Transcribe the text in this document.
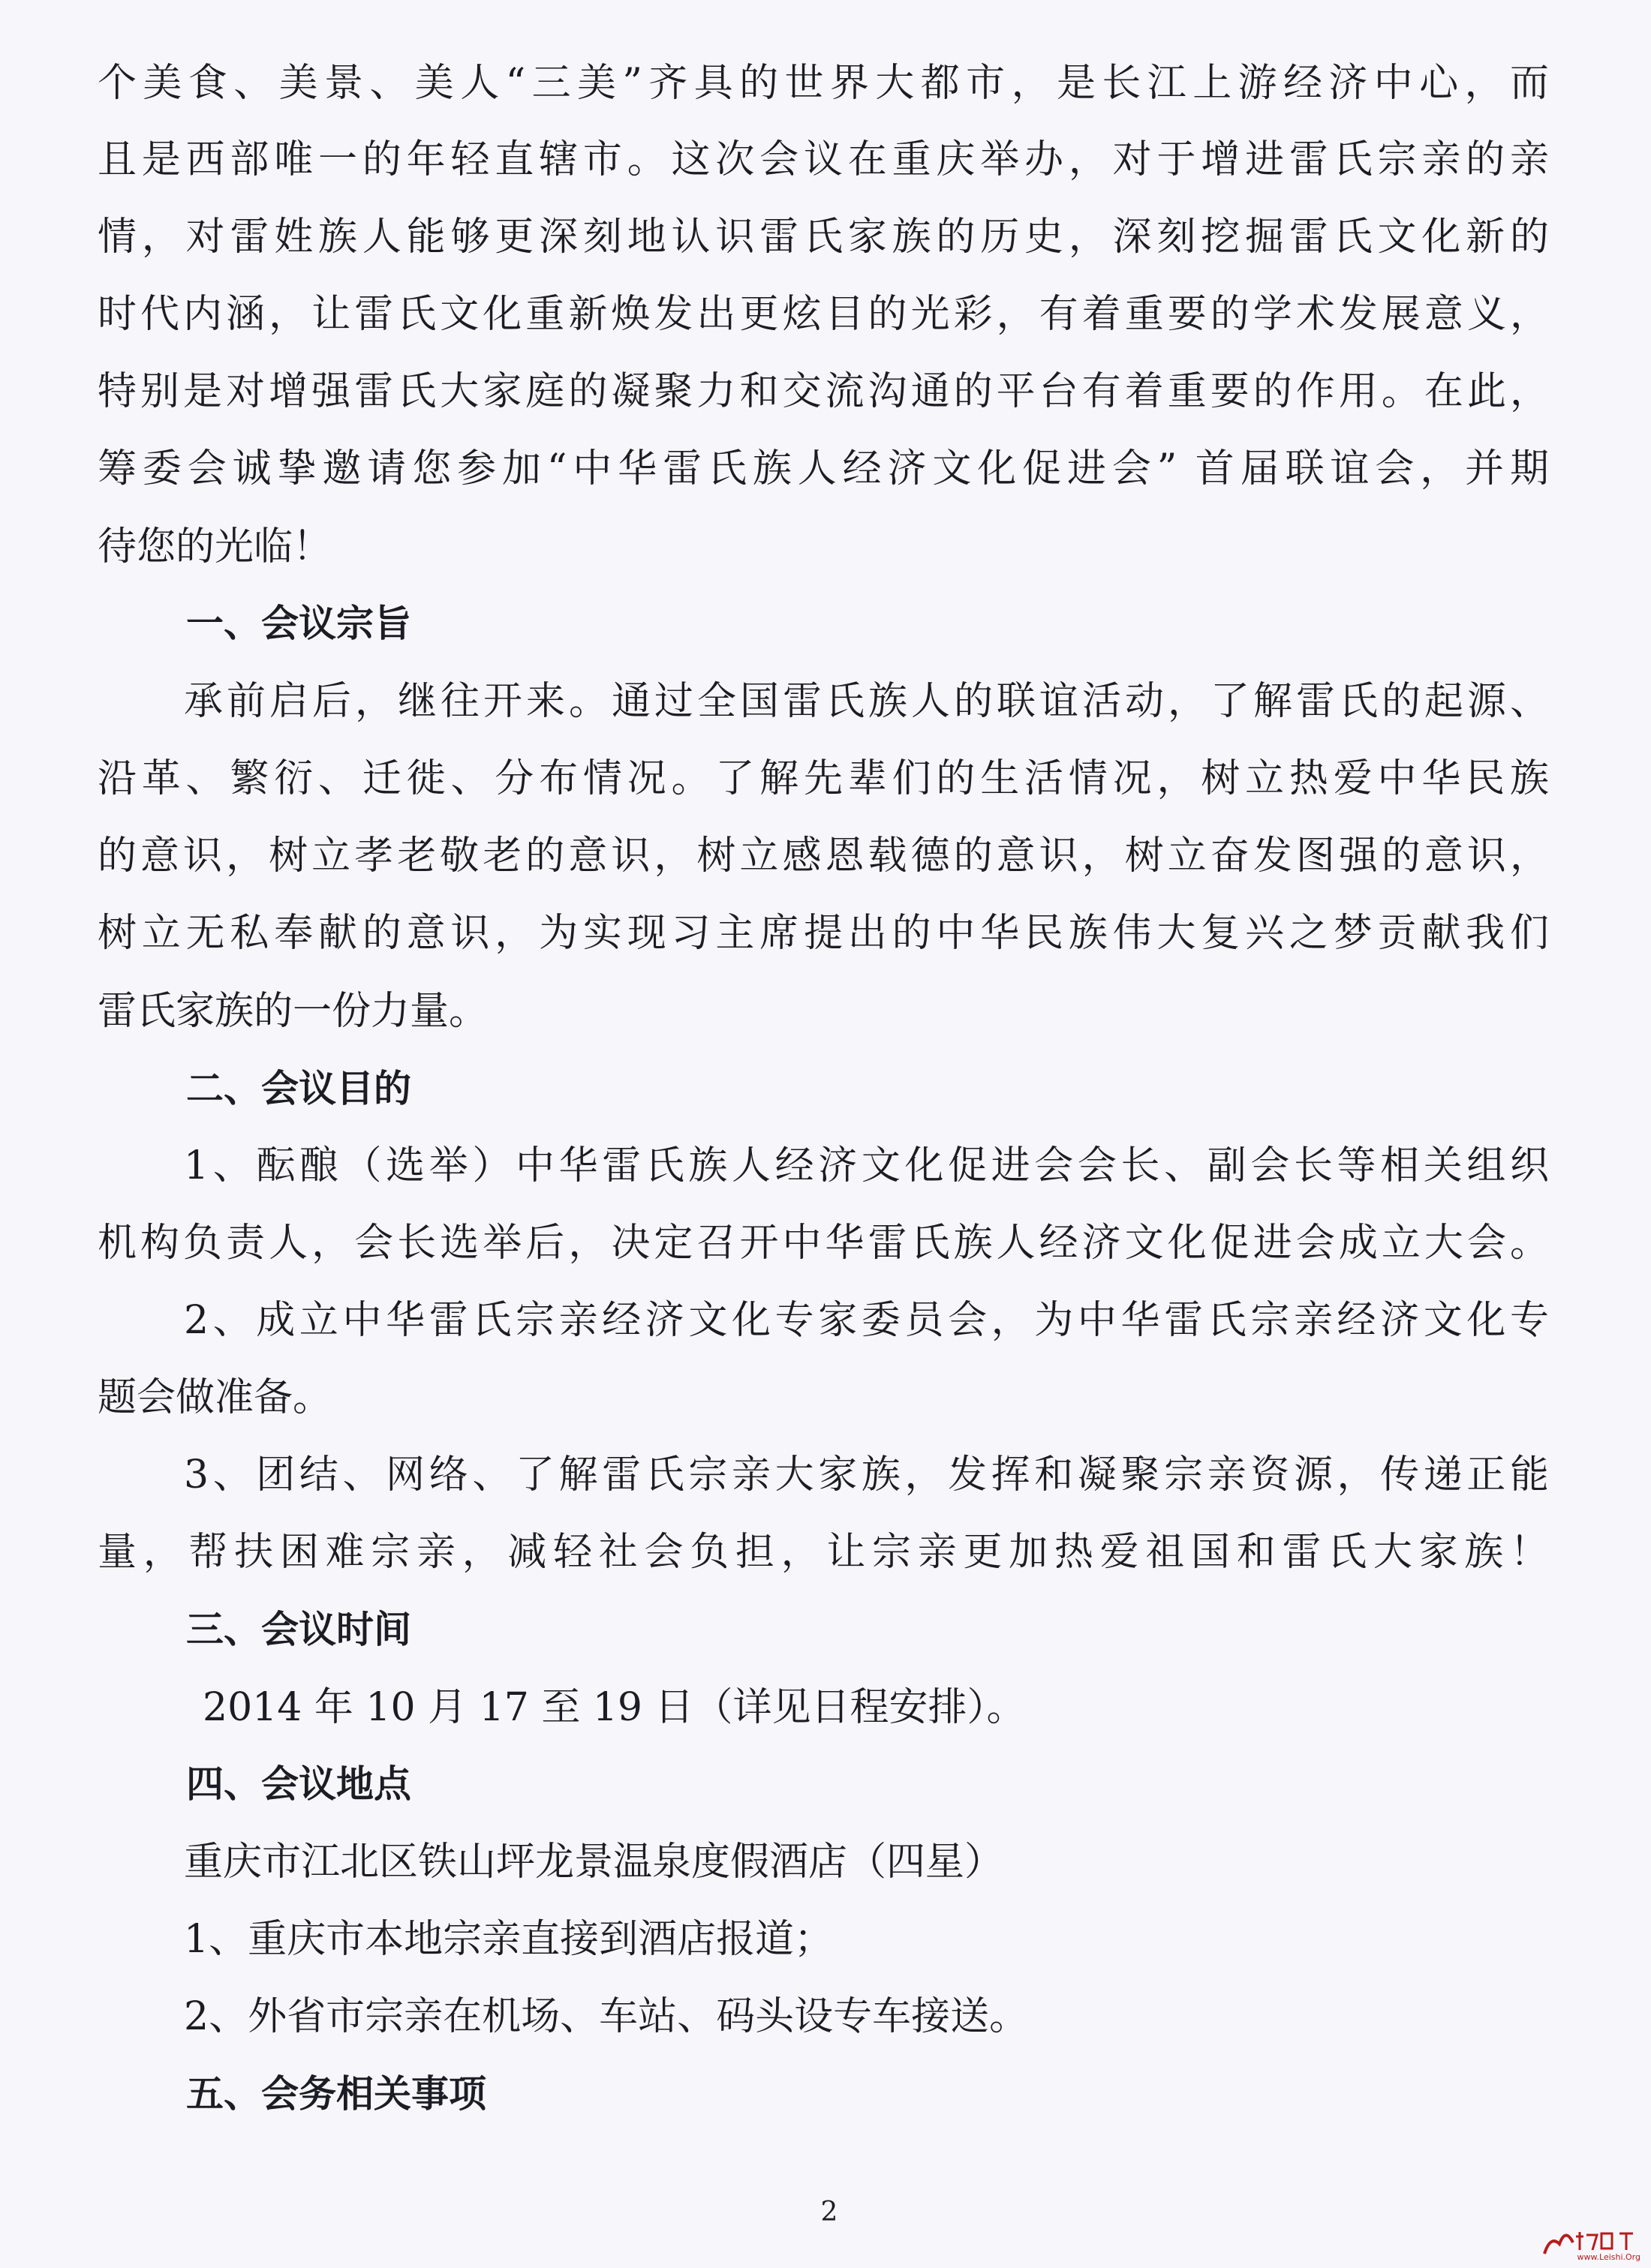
个美食、美景、美人“三美”齐具的世界大都市，是长江上游经济中心，而
且是西部唯一的年轻直辖市。这次会议在重庆举办，对于增进雷氏宗亲的亲
情，对雷姓族人能够更深刻地认识雷氏家族的历史，深刻挖掘雷氏文化新的
时代内涵，让雷氏文化重新焕发出更炫目的光彩，有着重要的学术发展意义，
特别是对增强雷氏大家庭的凝聚力和交流沟通的平台有着重要的作用。在此，
筹委会诚挚邀请您参加“中华雷氏族人经济文化促进会” 首届联谊会，并期
待您的光临！
一、会议宗旨
承前启后，继往开来。通过全国雷氏族人的联谊活动，了解雷氏的起源、
沿革、繁衍、迁徙、分布情况。了解先辈们的生活情况，树立热爱中华民族
的意识，树立孝老敬老的意识，树立感恩载德的意识，树立奋发图强的意识，
树立无私奉献的意识，为实现习主席提出的中华民族伟大复兴之梦贡献我们
雷氏家族的一份力量。
二、会议目的
1、酝酿（选举）中华雷氏族人经济文化促进会会长、副会长等相关组织
机构负责人，会长选举后，决定召开中华雷氏族人经济文化促进会成立大会。
2、成立中华雷氏宗亲经济文化专家委员会，为中华雷氏宗亲经济文化专
题会做准备。
3、团结、网络、了解雷氏宗亲大家族，发挥和凝聚宗亲资源，传递正能
量，帮扶困难宗亲，减轻社会负担，让宗亲更加热爱祖国和雷氏大家族！
三、会议时间
2014 年 10 月 17 至 19 日（详见日程安排）。
四、会议地点
重庆市江北区铁山坪龙景温泉度假酒店（四星）
1、重庆市本地宗亲直接到酒店报道；
2、外省市宗亲在机场、车站、码头设专车接送。
五、会务相关事项
2
www.Leishi.Org
